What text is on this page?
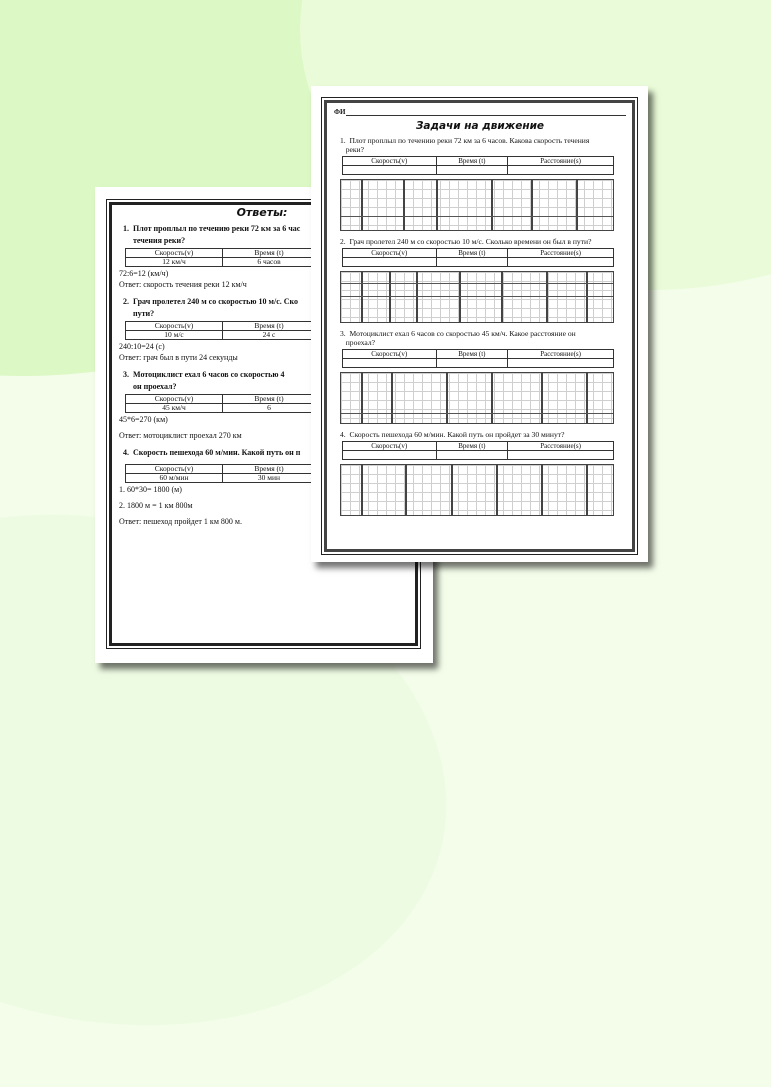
Ответы:
1. Плот проплыл по течению реки 72 км за 6 час
течения реки?
Скорость(v)	Время (t)
12 км/ч	6 часов
72:6=12 (км/ч)
Ответ: скорость течения реки 12 км/ч
2. Грач пролетел 240 м со скоростью 10 м/с. Ско
пути?
Скорость(v)	Время (t)
10 м/с	24 с
240:10=24 (с)
Ответ: грач был в пути 24 секунды
3. Мотоциклист ехал 6 часов со скоростью 4
он проехал?
Скорость(v)	Время (t)
45 км/ч	6
45*6=270 (км)
Ответ: мотоциклист проехал 270 км
4. Скорость пешехода 60 м/мин. Какой путь он п
Скорость(v)	Время (t)
60 м/мин	30 мин
1. 60*30= 1800 (м)
2. 1800 м = 1 км 800м
Ответ: пешеход пройдет 1 км 800 м.
ФИ
Задачи на движение
1. Плот проплыл по течению реки 72 км за 6 часов. Какова скорость течения
реки?
Скорость(v)	Время (t)	Расстояние(s)

2. Грач пролетел 240 м со скоростью 10 м/с. Сколько времени он был в пути?
Скорость(v)	Время (t)	Расстояние(s)

3. Мотоциклист ехал 6 часов со скоростью 45 км/ч. Какое расстояние он
проехал?
Скорость(v)	Время (t)	Расстояние(s)

4. Скорость пешехода 60 м/мин. Какой путь он пройдет за 30 минут?
Скорость(v)	Время (t)	Расстояние(s)
